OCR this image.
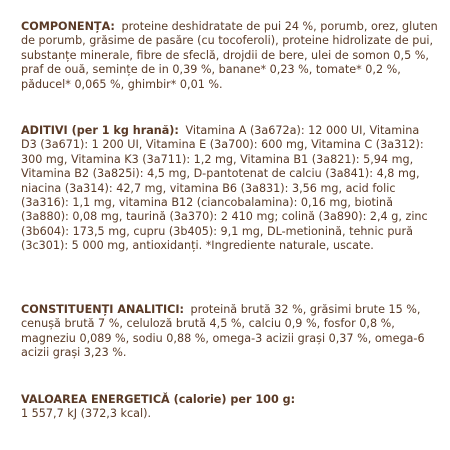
COMPONENȚA: proteine deshidratate de pui 24 %, porumb, orez, gluten de porumb, grăsime de pasăre (cu tocoferoli), proteine hidrolizate de pui, substanțe minerale, fibre de sfeclă, drojdii de bere, ulei de somon 0,5 %, praf de ouă, semințe de in 0,39 %, banane* 0,23 %, tomate* 0,2 %, păducel* 0,065 %, ghimbir* 0,01 %.
ADITIVI (per 1 kg hrană): Vitamina A (3a672a): 12 000 UI, Vitamina D3 (3a671): 1 200 UI, Vitamina E (3a700): 600 mg, Vitamina C (3a312): 300 mg, Vitamina K3 (3a711): 1,2 mg, Vitamina B1 (3a821): 5,94 mg, Vitamina B2 (3a825i): 4,5 mg, D-pantotenat de calciu (3a841): 4,8 mg, niacina (3a314): 42,7 mg, vitamina B6 (3a831): 3,56 mg, acid folic (3a316): 1,1 mg, vitamina B12 (ciancobalamina): 0,16 mg, biotină (3a880): 0,08 mg, taurină (3a370): 2 410 mg; colină (3a890): 2,4 g, zinc (3b604): 173,5 mg, cupru (3b405): 9,1 mg, DL-metionină, tehnic pură (3c301): 5 000 mg, antioxidanți. *Ingrediente naturale, uscate.
CONSTITUENȚI ANALITICI: proteină brută 32 %, grăsimi brute 15 %, cenușă brută 7 %, celuloză brută 4,5 %, calciu 0,9 %, fosfor 0,8 %, magneziu 0,089 %, sodiu 0,88 %, omega-3 acizii grași 0,37 %, omega-6 acizii grași 3,23 %.
VALOAREA ENERGETICĂ (calorie) per 100 g:
1 557,7 kJ (372,3 kcal).
